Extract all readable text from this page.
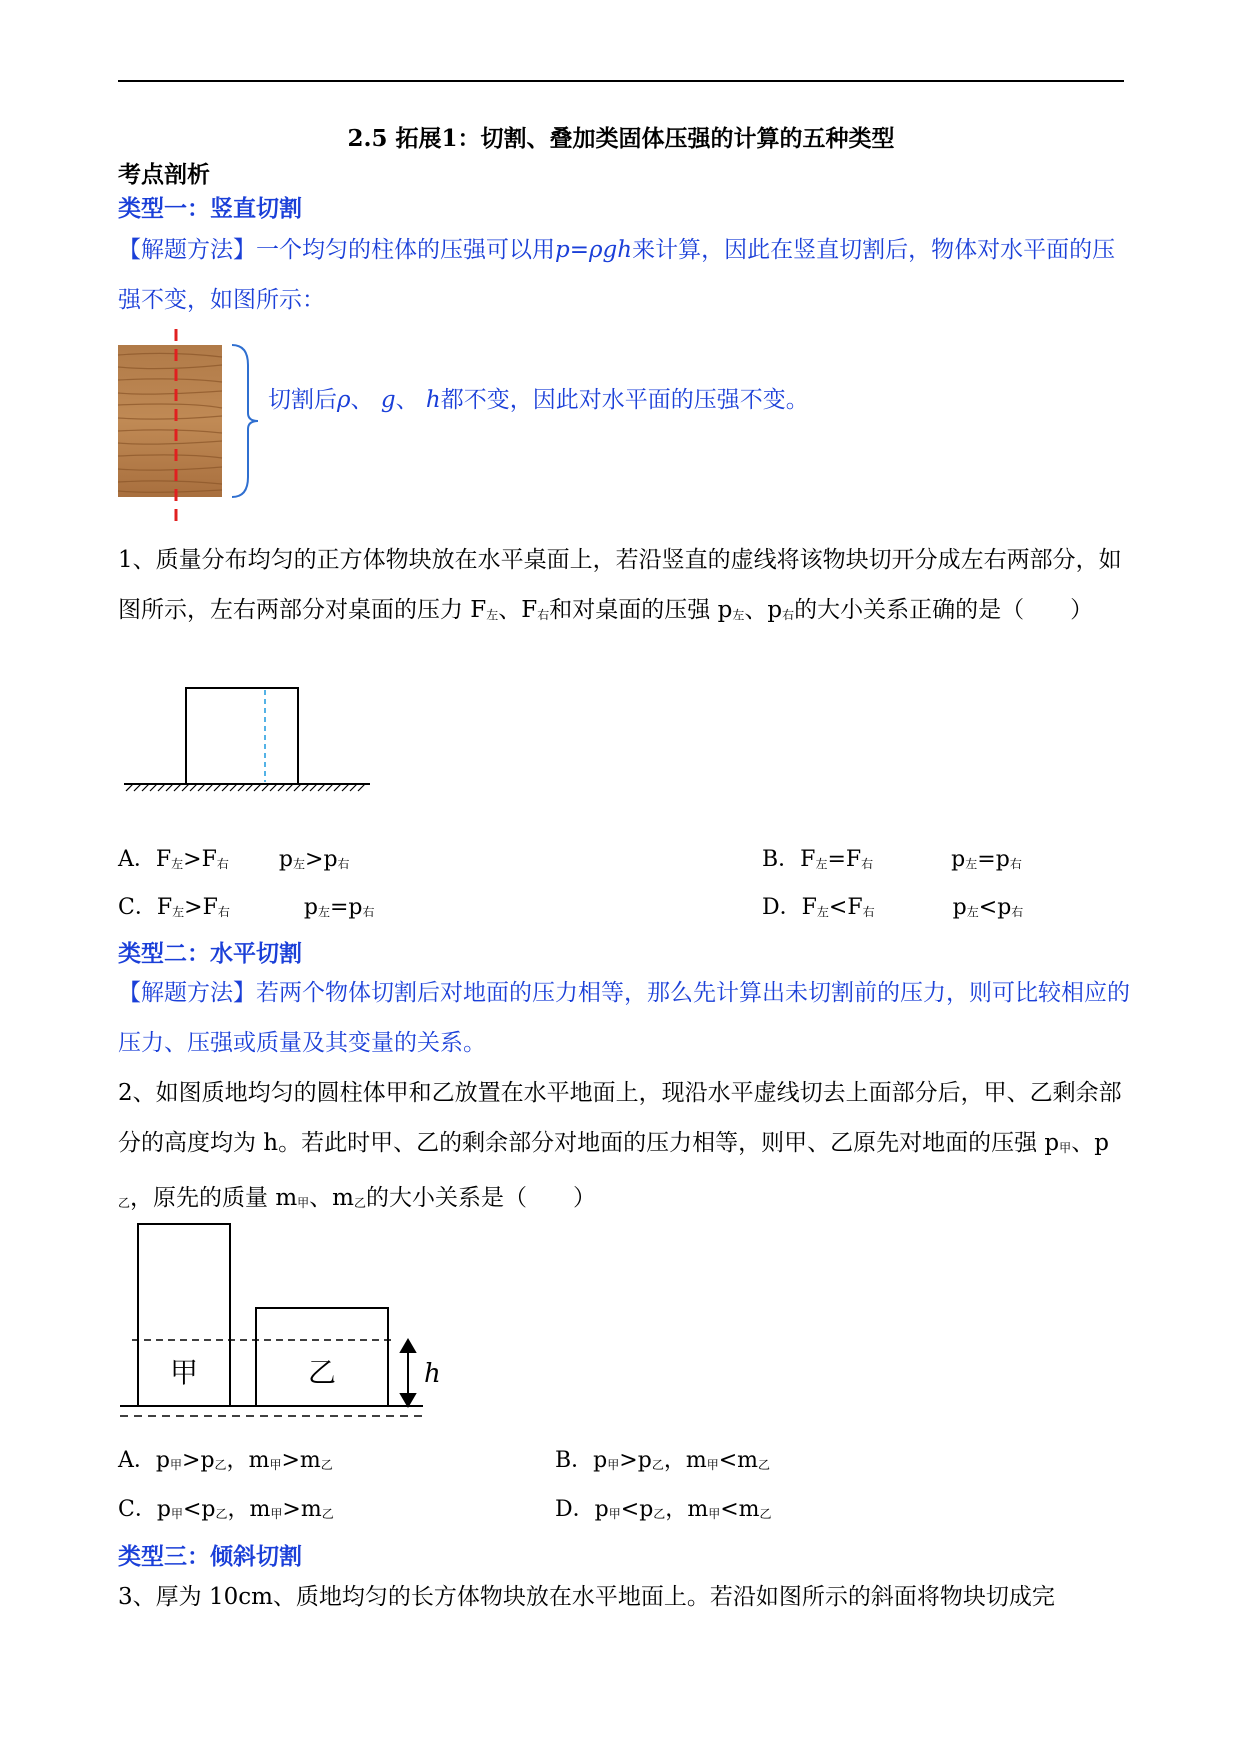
2.5 拓展1：切割、叠加类固体压强的计算的五种类型
考点剖析
类型一：竖直切割
【解题方法】一个均匀的柱体的压强可以用p=ρgh来计算，因此在竖直切割后，物体对水平面的压强不变，如图所示：
切割后ρ、 g、 h都不变，因此对水平面的压强不变。
1、质量分布均匀的正方体物块放在水平桌面上，若沿竖直的虚线将该物块切开分成左右两部分，如图所示，左右两部分对桌面的压力 $F_左$、$F_右$和对桌面的压强 $p_左$、$p_右$的大小关系正确的是（　　）
A．$F_左>F_右$ $p_左>p_右$	B．$F_左=F_右$	$p_左=p_右$
C．$F_左>F_右$	$p_左=p_右$	D．$F_左<F_右$	$p_左<p_右$
类型二：水平切割
【解题方法】若两个物体切割后对地面的压力相等，那么先计算出未切割前的压力，则可比较相应的压力、压强或质量及其变量的关系。
2、如图质地均匀的圆柱体甲和乙放置在水平地面上，现沿水平虚线切去上面部分后，甲、乙剩余部分的高度均为 h。若此时甲、乙的剩余部分对地面的压力相等，则甲、乙原先对地面的压强 $p_甲$、$p_乙$，原先的质量 $m_甲$、$m_乙$的大小关系是（　　）
甲	乙	h
A．$p_甲>p_乙$，$m_甲>m_乙$	B．$p_甲>p_乙$，$m_甲<m_乙$
C．$p_甲<p_乙$，$m_甲>m_乙$	D．$p_甲<p_乙$，$m_甲<m_乙$
类型三：倾斜切割
3、厚为 10cm、质地均匀的长方体物块放在水平地面上。若沿如图所示的斜面将物块切成完
